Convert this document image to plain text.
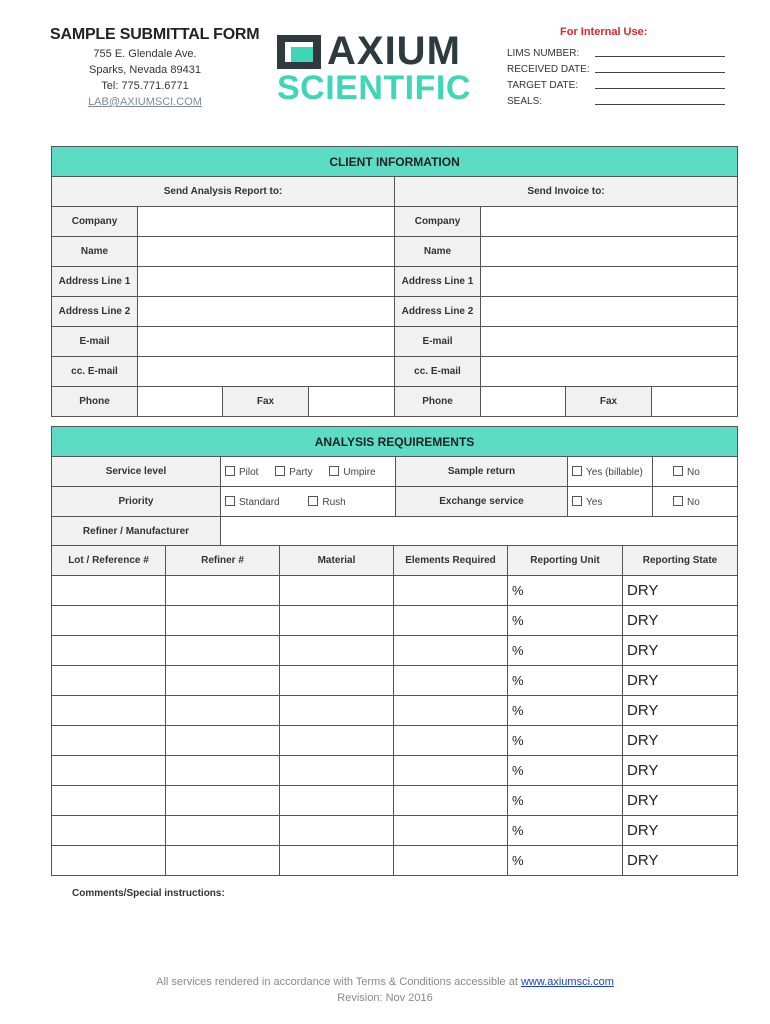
SAMPLE SUBMITTAL FORM
755 E. Glendale Ave.
Sparks, Nevada 89431
Tel: 775.771.6771
LAB@AXIUMSCI.COM
AXIUM
SCIENTIFIC
For Internal Use:
LIMS NUMBER:
RECEIVED DATE:
TARGET DATE:
SEALS:
CLIENT INFORMATION							
Send Analysis Report to:				Send Invoice to:			
Company				Company			
Name				Name			
Address Line 1				Address Line 1			
Address Line 2				Address Line 2			
E-mail				E-mail			
cc. E-mail				cc. E-mail			
Phone		Fax		Phone		Fax	
ANALYSIS REQUIREMENTS				
Service level	Pilot Party Umpire	Sample return	Yes (billable)	No
Priority	Standard Rush	Exchange service	Yes	No
Refiner / Manufacturer				
Lot / Reference #	Refiner #	Material	Elements Required	Reporting Unit	Reporting State
				%	DRY
				%	DRY
				%	DRY
				%	DRY
				%	DRY
				%	DRY
				%	DRY
				%	DRY
				%	DRY
				%	DRY
Comments/Special instructions:
All services rendered in accordance with Terms & Conditions accessible at www.axiumsci.com
Revision: Nov 2016
